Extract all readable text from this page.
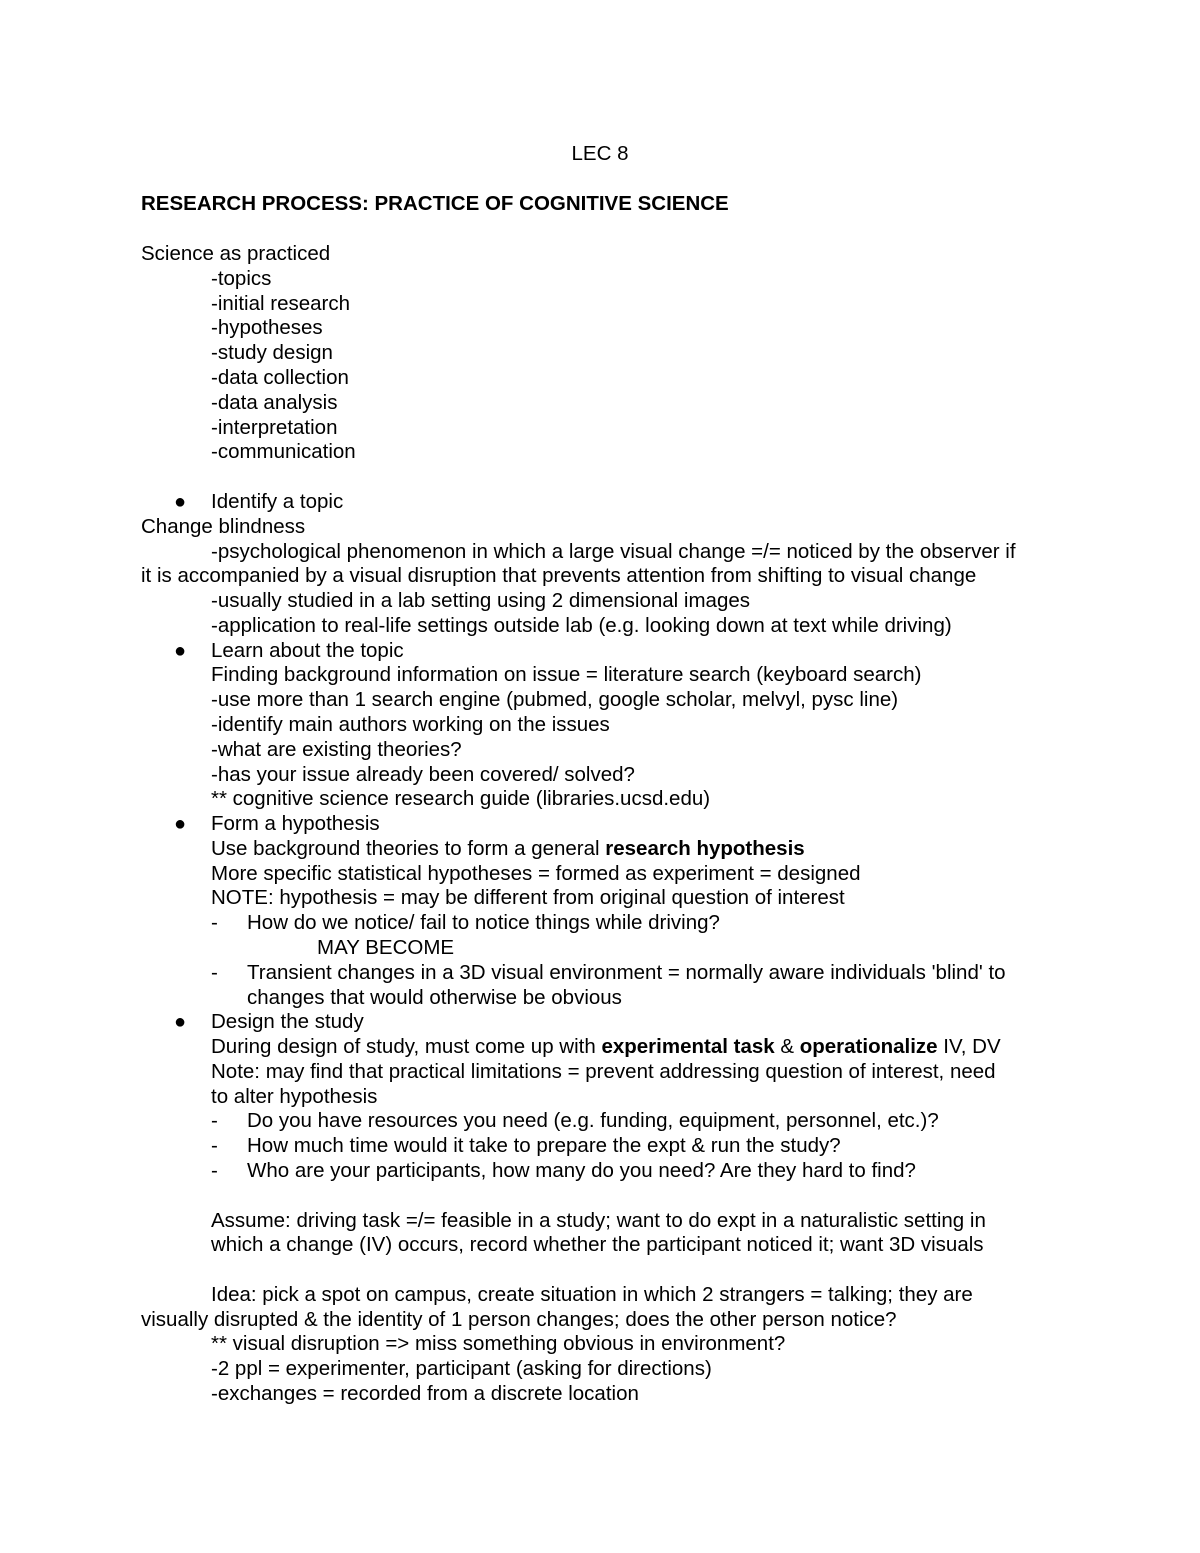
LEC 8
RESEARCH PROCESS: PRACTICE OF COGNITIVE SCIENCE
Science as practiced
-topics
-initial research
-hypotheses
-study design
-data collection
-data analysis
-interpretation
-communication
● Identify a topic
Change blindness
-psychological phenomenon in which a large visual change =/= noticed by the observer if
it is accompanied by a visual disruption that prevents attention from shifting to visual change
-usually studied in a lab setting using 2 dimensional images
-application to real-life settings outside lab (e.g. looking down at text while driving)
● Learn about the topic
Finding background information on issue = literature search (keyboard search)
-use more than 1 search engine (pubmed, google scholar, melvyl, pysc line)
-identify main authors working on the issues
-what are existing theories?
-has your issue already been covered/ solved?
** cognitive science research guide (libraries.ucsd.edu)
● Form a hypothesis
Use background theories to form a general research hypothesis
More specific statistical hypotheses = formed as experiment = designed
NOTE: hypothesis = may be different from original question of interest
- How do we notice/ fail to notice things while driving?
MAY BECOME
- Transient changes in a 3D visual environment = normally aware individuals 'blind' to
changes that would otherwise be obvious
● Design the study
During design of study, must come up with experimental task & operationalize IV, DV
Note: may find that practical limitations = prevent addressing question of interest, need
to alter hypothesis
- Do you have resources you need (e.g. funding, equipment, personnel, etc.)?
- How much time would it take to prepare the expt & run the study?
- Who are your participants, how many do you need? Are they hard to find?
Assume: driving task =/= feasible in a study; want to do expt in a naturalistic setting in
which a change (IV) occurs, record whether the participant noticed it; want 3D visuals
Idea: pick a spot on campus, create situation in which 2 strangers = talking; they are
visually disrupted & the identity of 1 person changes; does the other person notice?
** visual disruption => miss something obvious in environment?
-2 ppl = experimenter, participant (asking for directions)
-exchanges = recorded from a discrete location
